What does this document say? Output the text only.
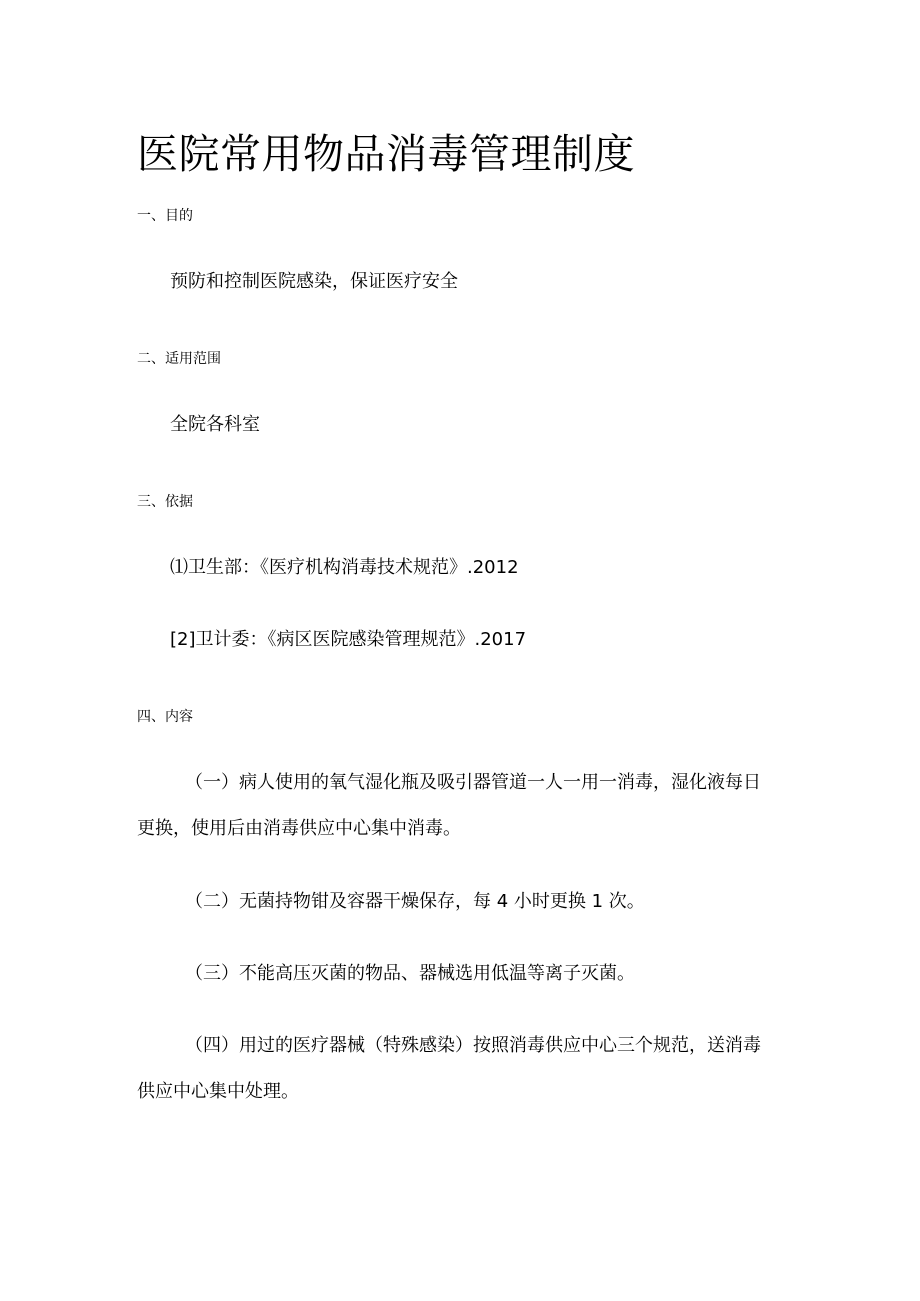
医院常用物品消毒管理制度

一、目的

预防和控制医院感染，保证医疗安全

二、适用范围

全院各科室

三、依据

⑴卫生部：《医疗机构消毒技术规范》.2012

[2]卫计委：《病区医院感染管理规范》.2017

四、内容

（一）病人使用的氧气湿化瓶及吸引器管道一人一用一消毒，湿化液每日
更换，使用后由消毒供应中心集中消毒。
（二）无菌持物钳及容器干燥保存，每 4 小时更换 1 次。
（三）不能高压灭菌的物品、器械选用低温等离子灭菌。
（四）用过的医疗器械（特殊感染）按照消毒供应中心三个规范，送消毒
供应中心集中处理。
